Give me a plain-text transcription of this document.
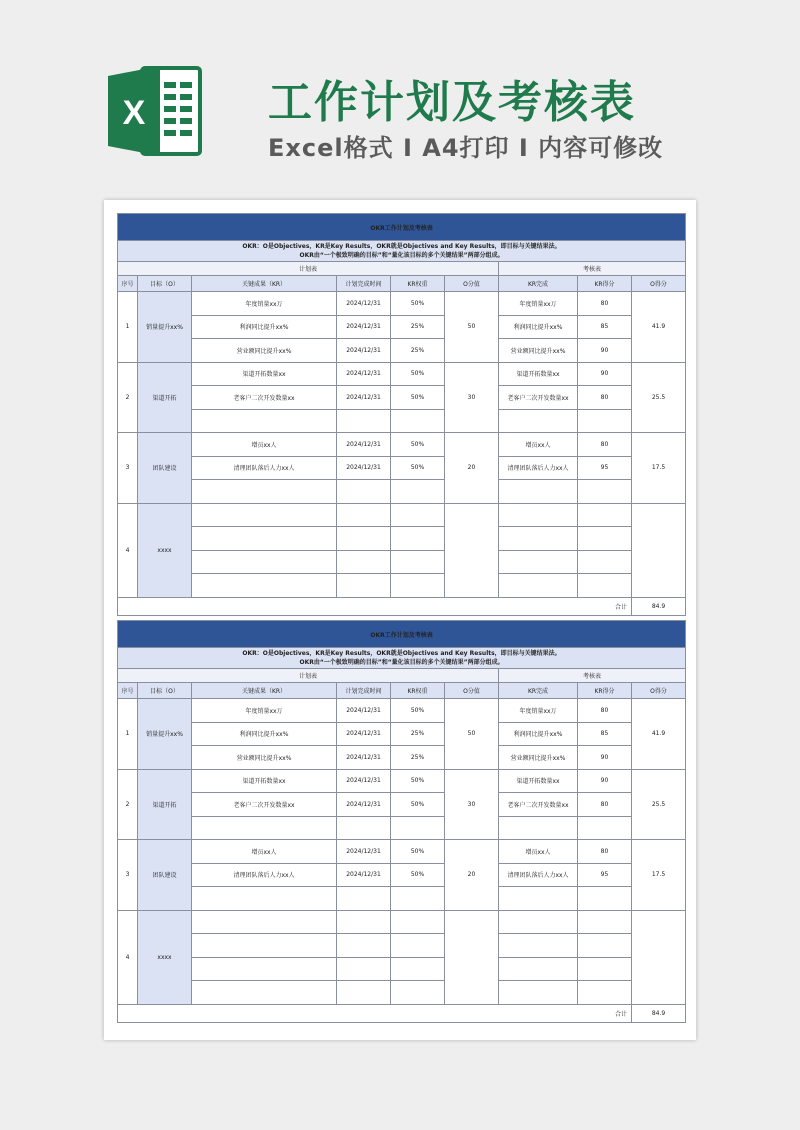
X	工作计划及考核表
Excel格式 I A4打印 I 内容可修改
OKR工作计划及考核表								

OKR：O是Objectives，KR是Key Results，OKR就是Objectives and Key Results，即目标与关键结果法。
OKR由“一个极致明确的目标”和“量化该目标的多个关键结果”两部分组成。								

计划表						考核表		
序号	目标（O）	关键成果（KR）	计划完成时间	KR权重	O分值	KR完成	KR得分	O得分
1	销量提升xx%	年度销量xx万	2024/12/31	50%	50	年度销量xx万	80	41.9
		利润同比提升xx%	2024/12/31	25%		利润同比提升xx%	85	
		营业额同比提升xx%	2024/12/31	25%		营业额同比提升xx%	90	
2	渠道开拓	渠道开拓数量xx	2024/12/31	50%	30	渠道开拓数量xx	90	25.5
		老客户二次开发数量xx	2024/12/31	50%		老客户二次开发数量xx	80	

3	团队建设	增员xx人	2024/12/31	50%	20	增员xx人	80	17.5
		清理团队落后人力xx人	2024/12/31	50%		清理团队落后人力xx人	95	

4	xxxx							

合计								84.9
OKR工作计划及考核表								

OKR：O是Objectives，KR是Key Results，OKR就是Objectives and Key Results，即目标与关键结果法。
OKR由“一个极致明确的目标”和“量化该目标的多个关键结果”两部分组成。								

计划表						考核表		
序号	目标（O）	关键成果（KR）	计划完成时间	KR权重	O分值	KR完成	KR得分	O得分
1	销量提升xx%	年度销量xx万	2024/12/31	50%	50	年度销量xx万	80	41.9
		利润同比提升xx%	2024/12/31	25%		利润同比提升xx%	85	
		营业额同比提升xx%	2024/12/31	25%		营业额同比提升xx%	90	
2	渠道开拓	渠道开拓数量xx	2024/12/31	50%	30	渠道开拓数量xx	90	25.5
		老客户二次开发数量xx	2024/12/31	50%		老客户二次开发数量xx	80	

3	团队建设	增员xx人	2024/12/31	50%	20	增员xx人	80	17.5
		清理团队落后人力xx人	2024/12/31	50%		清理团队落后人力xx人	95	

4	xxxx							

合计								84.9
